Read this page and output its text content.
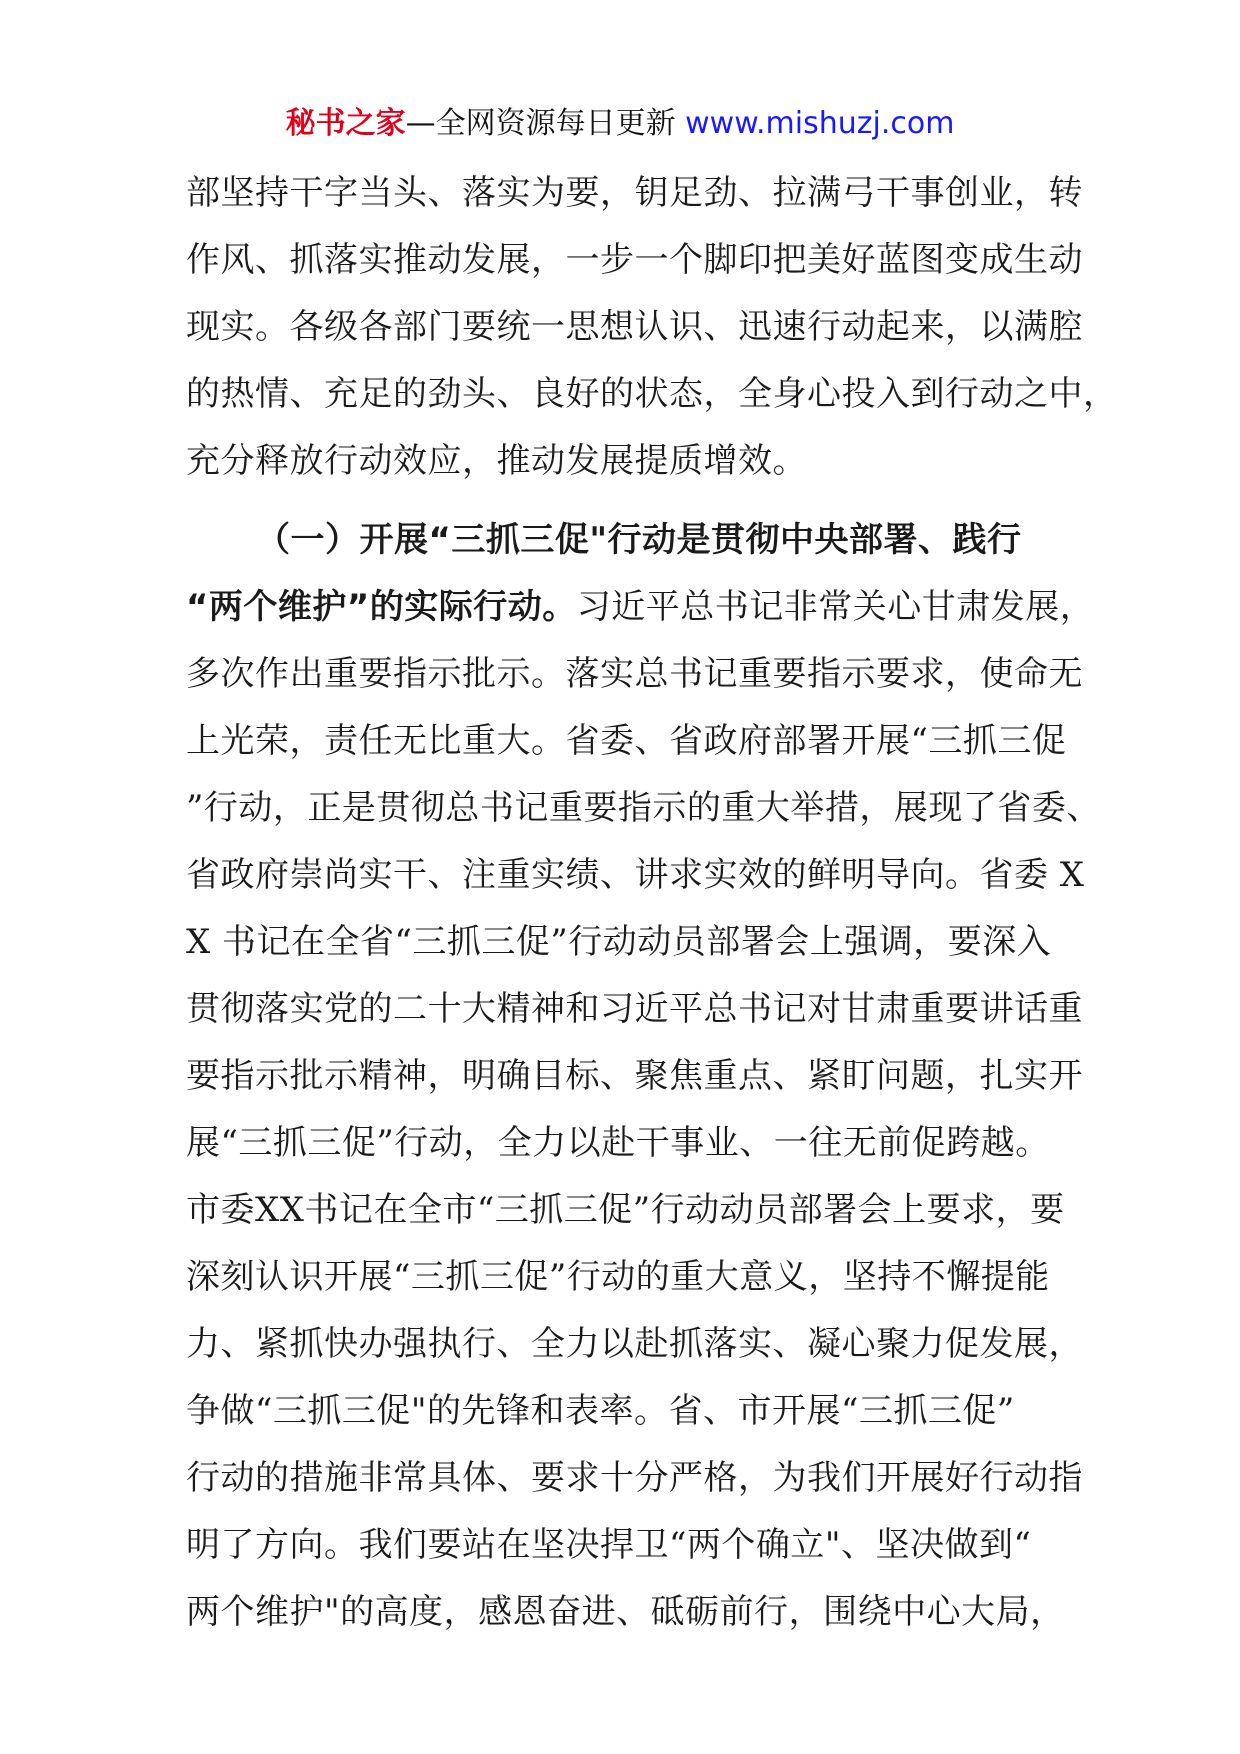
秘书之家—全网资源每日更新 www.mishuzj.com
部坚持干字当头、落实为要，钥足劲、拉满弓干事创业，转
作风、抓落实推动发展，一步一个脚印把美好蓝图变成生动
现实。各级各部门要统一思想认识、迅速行动起来，以满腔
的热情、充足的劲头、良好的状态，全身心投入到行动之中，
充分释放行动效应，推动发展提质增效。
（一）开展“三抓三促"行动是贯彻中央部署、践行
“两个维护”的实际行动。习近平总书记非常关心甘肃发展，
多次作出重要指示批示。落实总书记重要指示要求，使命无
上光荣，责任无比重大。省委、省政府部署开展“三抓三促
”行动，正是贯彻总书记重要指示的重大举措，展现了省委、
省政府崇尚实干、注重实绩、讲求实效的鲜明导向。省委 X
X 书记在全省“三抓三促”行动动员部署会上强调，要深入
贯彻落实党的二十大精神和习近平总书记对甘肃重要讲话重
要指示批示精神，明确目标、聚焦重点、紧盯问题，扎实开
展“三抓三促”行动，全力以赴干事业、一往无前促跨越。
市委XX书记在全市“三抓三促”行动动员部署会上要求，要
深刻认识开展“三抓三促”行动的重大意义，坚持不懈提能
力、紧抓快办强执行、全力以赴抓落实、凝心聚力促发展，
争做“三抓三促"的先锋和表率。省、市开展“三抓三促”
行动的措施非常具体、要求十分严格，为我们开展好行动指
明了方向。我们要站在坚决捍卫“两个确立"、坚决做到“
两个维护"的高度，感恩奋进、砥砺前行，围绕中心大局，
